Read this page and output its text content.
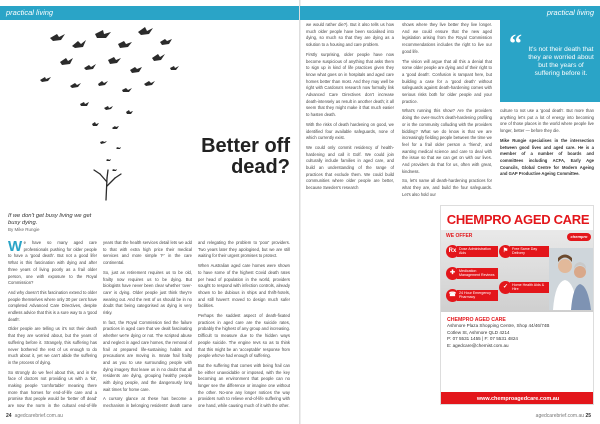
practical living
Better off
dead?
If we don't get busy living we get busy dying.
By Mike Rungie

We have so many aged care professionals pushing for older people to have a 'good death'. But not a good life! What is this fascination with dying and after three years of living poorly as a frail older person, one with exposure to the Royal Commission?

And why doesn't this fascination extend to older people themselves where only 30 per cent have completed Advanced Care Directives, despite endless advice that this is a sure way to a 'good death'.

Older people are telling us it's not their death that they are worried about, but the years of suffering before it. Strangely, this suffering has never bothered the rest of us enough to do much about it, yet we can't abide the suffering in the process of dying.

So strongly do we feel about this, and in the face of doctors not providing us with a 'kit', making people 'comfortable' meaning there more than homes for end-of-life care and a promise that people would be 'better off dead' are now the norm in the cultural end-of-life

years that the health services detail lets we add to that with extra high price their medical services and more simple 'F' in the care continental.

So, just as retirement requires us to be old, frailty now requires us to be dying. But biologists have never been clear whether 'over-care' is dying. Older people just think they're wearing out. And the rest of us should be in no doubt that being categorised as dying is very risky.

In fact, the Royal Commission tied the failure practices in aged care that we dealt fascinating whether we're dying or not. The scripted abuse and neglect in aged care homes, the removal of frail at prepared life-sustaining habits and precautions are moving in. Innate frail frailty and as you to use surrounding people with dying imagery that leave us in no doubt that all residents are dying, grouping healthy people with dying people, and the dangerously long wait times for home care.

A cursory glance at these has become a mechanism in belonging residents' death came

and relegating the problem to 'poor' providers. Two years later they apologised, but we are still waiting for their urgent promises to protect.

When Australian aged care homes were shown to have some of the highest Covid death rates per head of population in the world, providers sought to respond with infection controls, already shown to be dubious in ships and thrift-hotels, and still haven't moved to design much safer facilities.

Perhaps the saddest aspect of death-fixated practices in aged care are the suicide rates, probably the highest of any group and increasing. Difficult to measure due to the hidden ways people suicide. The engine revs so as to think that this might be an 'acceptable' response from people who've had enough of suffering.

But the suffering that comes with being frail can be either unavoidable or imposed, with the key becoming an environment that people can no longer see the difference or imagine one without the other. No-one any longer notices the way providers rush to relieve end-of-life suffering with one hand, while causing much of it with the other.

24 agedcarebrief.com.au
practical living

we would rather die?). But it also tells us how much older people have been socialised into dying, so much so that they are dying as a solution to a housing and care problem.

Firstly surprising, older people have now become suspicious of anything that asks them to sign up in kind of life practices given they know what goes on in hospitals and aged care homes better than most. And they may well be right with Cardona's research now formally link Advanced Care Directives don't increase death-intensely as result in another death; it all seem that they might make it that much easier to hasten death.

With the risks of death hardening on good, we identified four available safeguards, none of which currently exist.

We could only commit residency of health-hardening and call it Golf. We could join culturally include families in aged care, and build an understanding of the range of practices that exclude them. We could build communities where older people are better, because Sweden's research

shows where they live better they live longer. And we could ensure that the new aged legislation arising from the Royal Commission recommendations includes the right to live our good life.

The vision will argue that all this a denial that some older people are dying and of their right to a 'good death'. Confusion is rampant here, but building a case for a 'good death' without safeguards against death-hardening comes with serious risks both for older people and your practice.

What's running this show? Are the providers doing the over-much's death-hardening profiling or is the community colluding with the providers bidding? What we do know is that we are increasingly fielding people between the time we feel for a frail older person a 'friend', and wanting medical science and care to deal with the issue so that we can get on with our lives. And providers do that for us, often with great, kindness.

So, let's name all death-hardening practices for what they are, and build the four safeguards. Let's also hold our

“ It's not their death that they are worried about but the years of suffering before it.

culture to not use a 'good death'. But more than anything let's put a lot of energy into becoming one of those places in the world where people live longer, better — before they die.

Mike Rungie specialises in the intersection between good lives and aged care. He is a member of a number of boards and committees including ACFA, Early Age Councils, Global Centre for Modern Ageing and GAP Productive Ageing Committee.

CHEMPRO AGED CARE
WE OFFER	chempro
Rx Dose Administration Aids	⚑	Free Same Day Delivery
✚	Medication Management Reviews
☎ 24 Hour Emergency Pharmacy
✓	Home Health Aids & Hire
CHEMPRO AGED CARE
Ashmore Plaza Shopping Centre, Shop 44/46/74B
Cotlew St, Ashmore QLD 4214
P: 07 5531 1455 | F: 07 5531 4824
E: agedcare@chemist.com.au
www.chemproagedcare.com.au
agedcarebrief.com.au 25
